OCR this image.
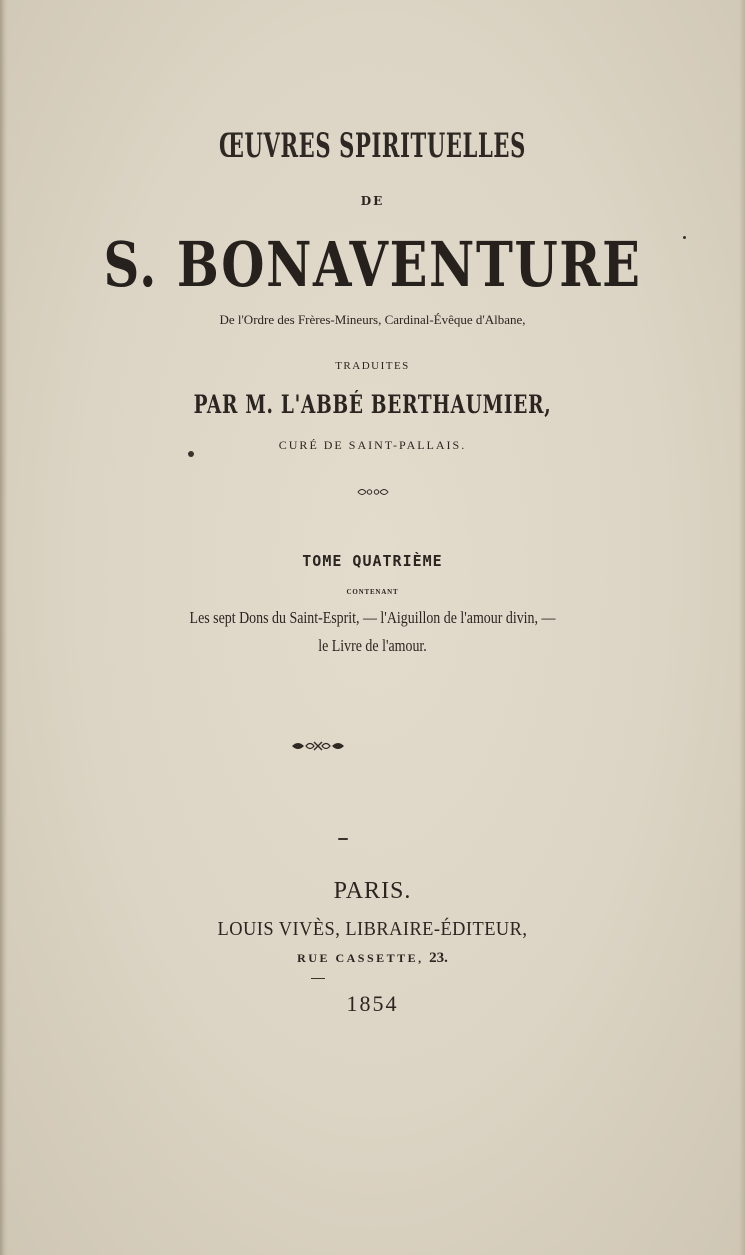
ŒUVRES SPIRITUELLES
DE
S. BONAVENTURE
De l'Ordre des Frères-Mineurs, Cardinal-Évêque d'Albane,
TRADUITES
PAR M. L'ABBÉ BERTHAUMIER,
CURÉ DE SAINT-PALLAIS.
TOME QUATRIÈME
CONTENANT
Les sept Dons du Saint-Esprit, — l'Aiguillon de l'amour divin, —
le Livre de l'amour.
PARIS.
LOUIS VIVÈS, LIBRAIRE-ÉDITEUR,
RUE CASSETTE, 23.
1854
